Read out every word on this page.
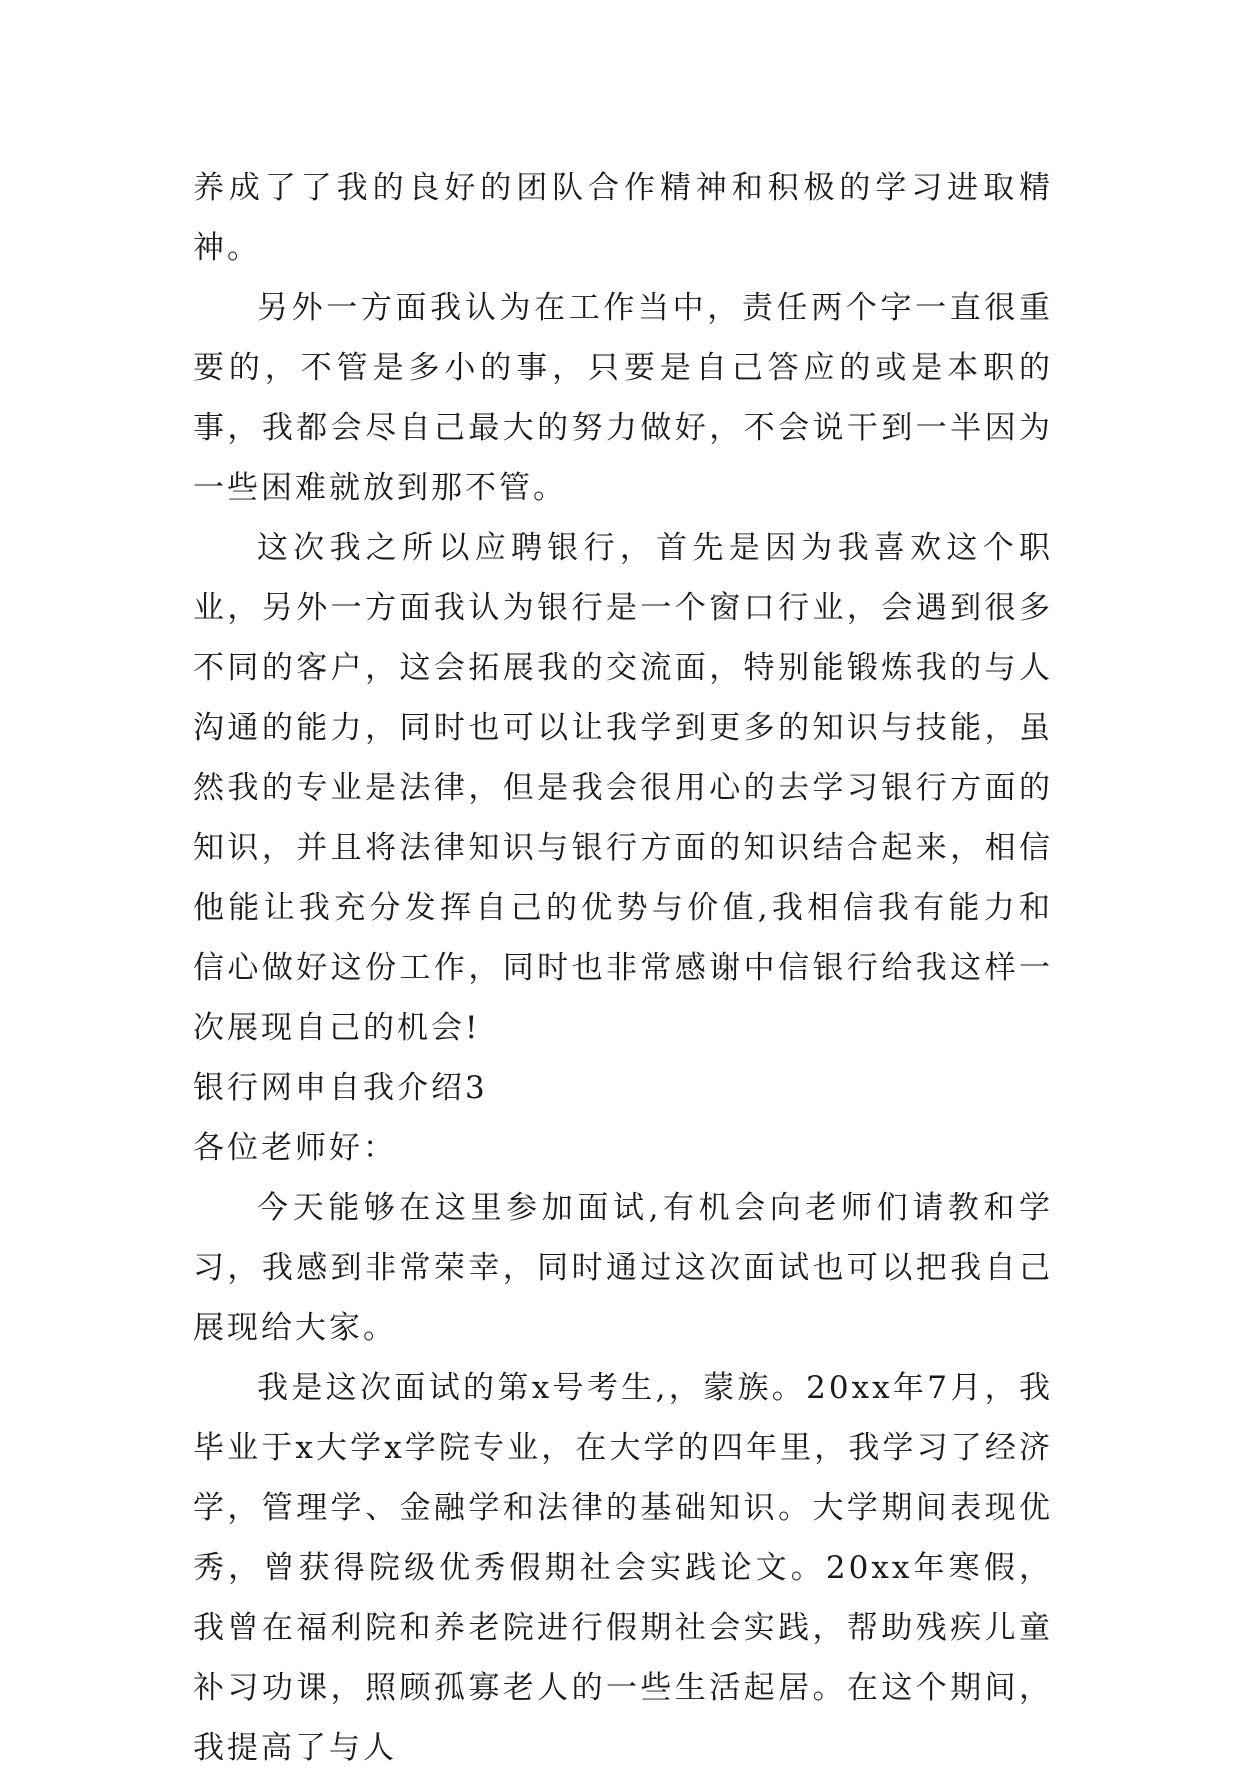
养成了了我的良好的团队合作精神和积极的学习进取精神。

另外一方面我认为在工作当中，责任两个字一直很重要的，不管是多小的事，只要是自己答应的或是本职的事，我都会尽自己最大的努力做好，不会说干到一半因为一些困难就放到那不管。

这次我之所以应聘银行，首先是因为我喜欢这个职业，另外一方面我认为银行是一个窗口行业，会遇到很多不同的客户，这会拓展我的交流面，特别能锻炼我的与人沟通的能力，同时也可以让我学到更多的知识与技能，虽然我的专业是法律，但是我会很用心的去学习银行方面的知识，并且将法律知识与银行方面的知识结合起来，相信他能让我充分发挥自己的优势与价值,我相信我有能力和信心做好这份工作，同时也非常感谢中信银行给我这样一次展现自己的机会!

银行网申自我介绍3

各位老师好：

今天能够在这里参加面试,有机会向老师们请教和学习，我感到非常荣幸，同时通过这次面试也可以把我自己展现给大家。

我是这次面试的第x号考生,，蒙族。20xx年7月，我毕业于x大学x学院专业，在大学的四年里，我学习了经济学，管理学、金融学和法律的基础知识。大学期间表现优秀，曾获得院级优秀假期社会实践论文。20xx年寒假，我曾在福利院和养老院进行假期社会实践，帮助残疾儿童补习功课，照顾孤寡老人的一些生活起居。在这个期间，我提高了与人
